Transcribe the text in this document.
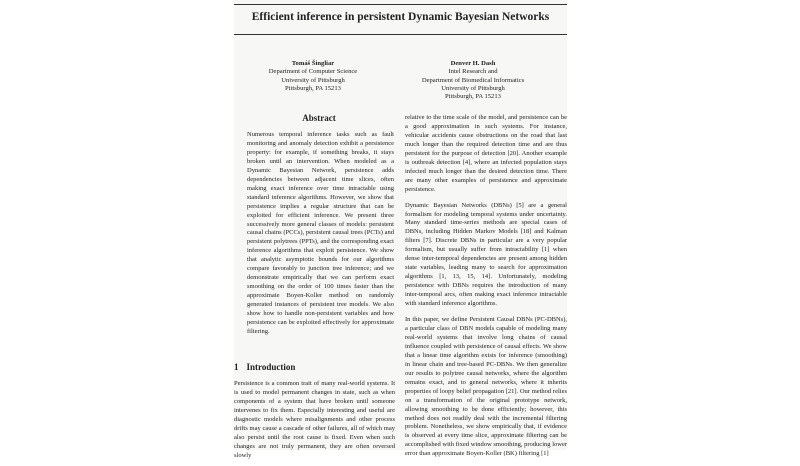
Efficient inference in persistent Dynamic Bayesian Networks
Tomáš Šingliar
Department of Computer Science
University of Pittsburgh
Pittsburgh, PA 15213
Denver H. Dash
Intel Research and
Department of Biomedical Informatics
University of Pittsburgh
Pittsburgh, PA 15213
Abstract

Numerous temporal inference tasks such as fault monitoring and anomaly detection exhibit a persistence property: for example, if something breaks, it stays broken until an intervention. When modeled as a Dynamic Bayesian Network, persistence adds dependencies between adjacent time slices, often making exact inference over time intractable using standard inference algorithms. However, we show that persistence implies a regular structure that can be exploited for efficient inference. We present three successively more general classes of models: persistent causal chains (PCCs), persistent causal trees (PCTs) and persistent polytrees (PPTs), and the corresponding exact inference algorithms that exploit persistence. We show that analytic asymptotic bounds for our algorithms compare favorably to junction tree inference; and we demonstrate empirically that we can perform exact smoothing on the order of 100 times faster than the approximate Boyen-Koller method on randomly generated instances of persistent tree models. We also show how to handle non-persistent variables and how persistence can be exploited effectively for approximate filtering.

1 Introduction

Persistence is a common trait of many real-world systems. It is used to model permanent changes in state, such as when components of a system that have broken until someone intervenes to fix them. Especially interesting and useful are diagnostic models where misalignments and other process drifts may cause a cascade of other failures, all of which may also persist until the root cause is fixed. Even when such changes are not truly permanent, they are often reversed slowly

relative to the time scale of the model, and persistence can be a good approximation in such systems. For instance, vehicular accidents cause obstructions on the road that last much longer than the required detection time and are thus persistent for the purpose of detection [20]. Another example is outbreak detection [4], where an infected population stays infected much longer than the desired detection time. There are many other examples of persistence and approximate persistence.

Dynamic Bayesian Networks (DBNs) [5] are a general formalism for modeling temporal systems under uncertainty. Many standard time-series methods are special cases of DBNs, including Hidden Markov Models [18] and Kalman filters [7]. Discrete DBNs in particular are a very popular formalism, but usually suffer from intractability [1] when dense inter-temporal dependencies are present among hidden state variables, leading many to search for approximation algorithms [1, 13, 15, 14]. Unfortunately, modeling persistence with DBNs requires the introduction of many inter-temporal arcs, often making exact inference intractable with standard inference algorithms.

In this paper, we define Persistent Causal DBNs (PC-DBNs), a particular class of DBN models capable of modeling many real-world systems that involve long chains of causal influence coupled with persistence of causal effects. We show that a linear time algorithm exists for inference (smoothing) in linear chain and tree-based PC-DBNs. We then generalize our results to polytree causal networks, where the algorithm remains exact, and to general networks, where it inherits properties of loopy belief propagation [21]. Our method relies on a transformation of the original prototype network, allowing smoothing to be done efficiently; however, this method does not readily deal with the incremental filtering problem. Nonetheless, we show empirically that, if evidence is observed at every time slice, approximate filtering can be accomplished with fixed window smoothing, producing lower error than approximate Boyen-Koller (BK) filtering [1]
